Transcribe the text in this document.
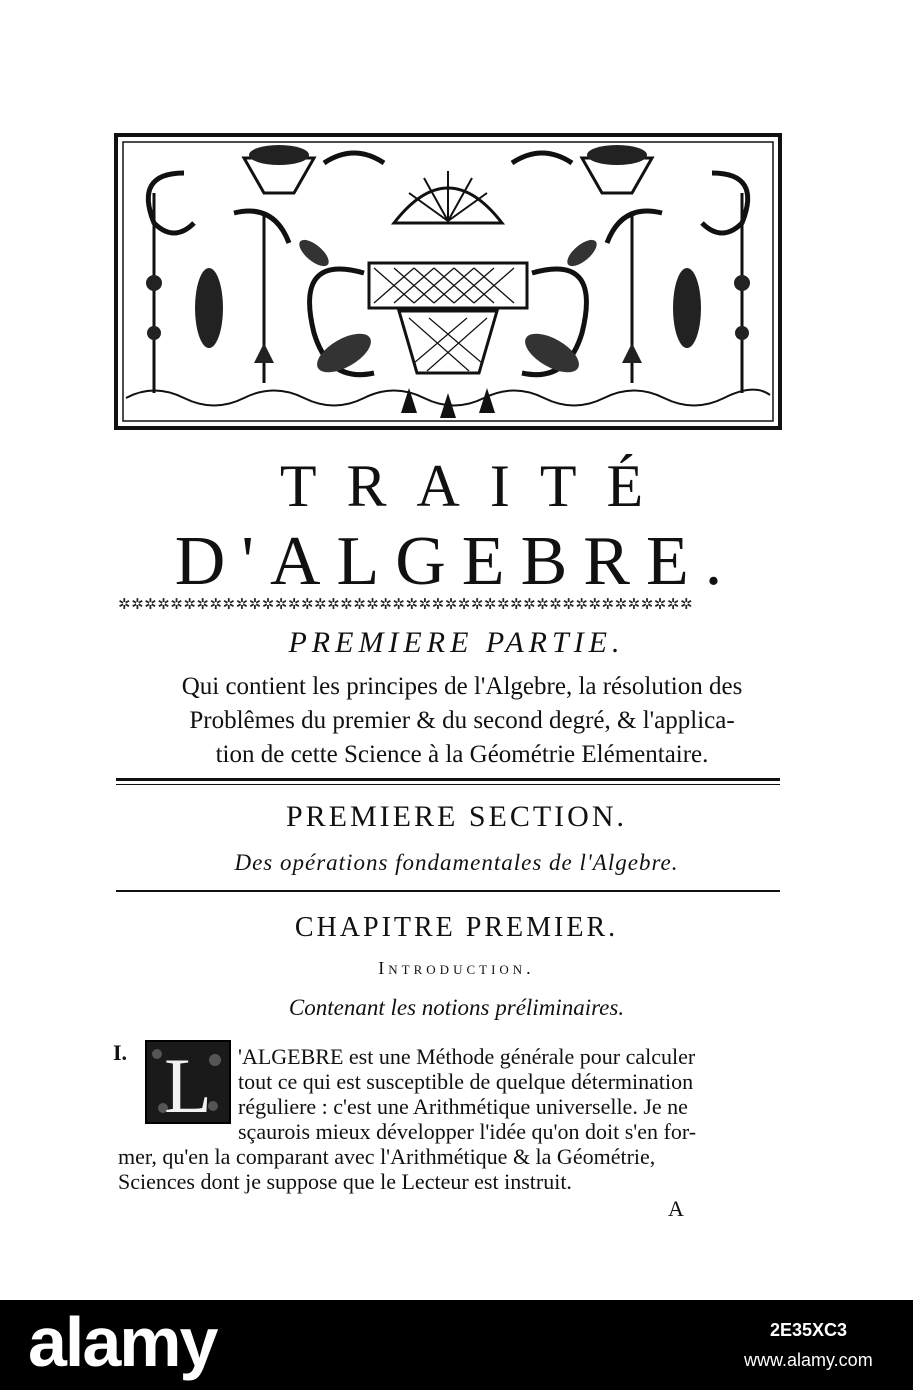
TRAITÉ
D'ALGEBRE.
✲✲✲✲✲✲✲✲✲✲✲✲✲✲✲✲✲✲✲✲✲✲✲✲✲✲✲✲✲✲✲✲✲✲✲✲✲✲✲✲✲✲✲✲
PREMIERE PARTIE.
Qui contient les principes de l'Algebre, la résolution des
Problêmes du premier & du second degré, & l'applica-
tion de cette Science à la Géométrie Elémentaire.
PREMIERE SECTION.
Des opérations fondamentales de l'Algebre.
CHAPITRE PREMIER.
Introduction.
Contenant les notions préliminaires.
I. L 'ALGEBRE est une Méthode générale pour calculer
tout ce qui est susceptible de quelque détermination
réguliere : c'est une Arithmétique universelle. Je ne
sçaurois mieux développer l'idée qu'on doit s'en for-
mer, qu'en la comparant avec l'Arithmétique & la Géométrie,
Sciences dont je suppose que le Lecteur est instruit.
A
alamy	2E35XC3
www.alamy.com
